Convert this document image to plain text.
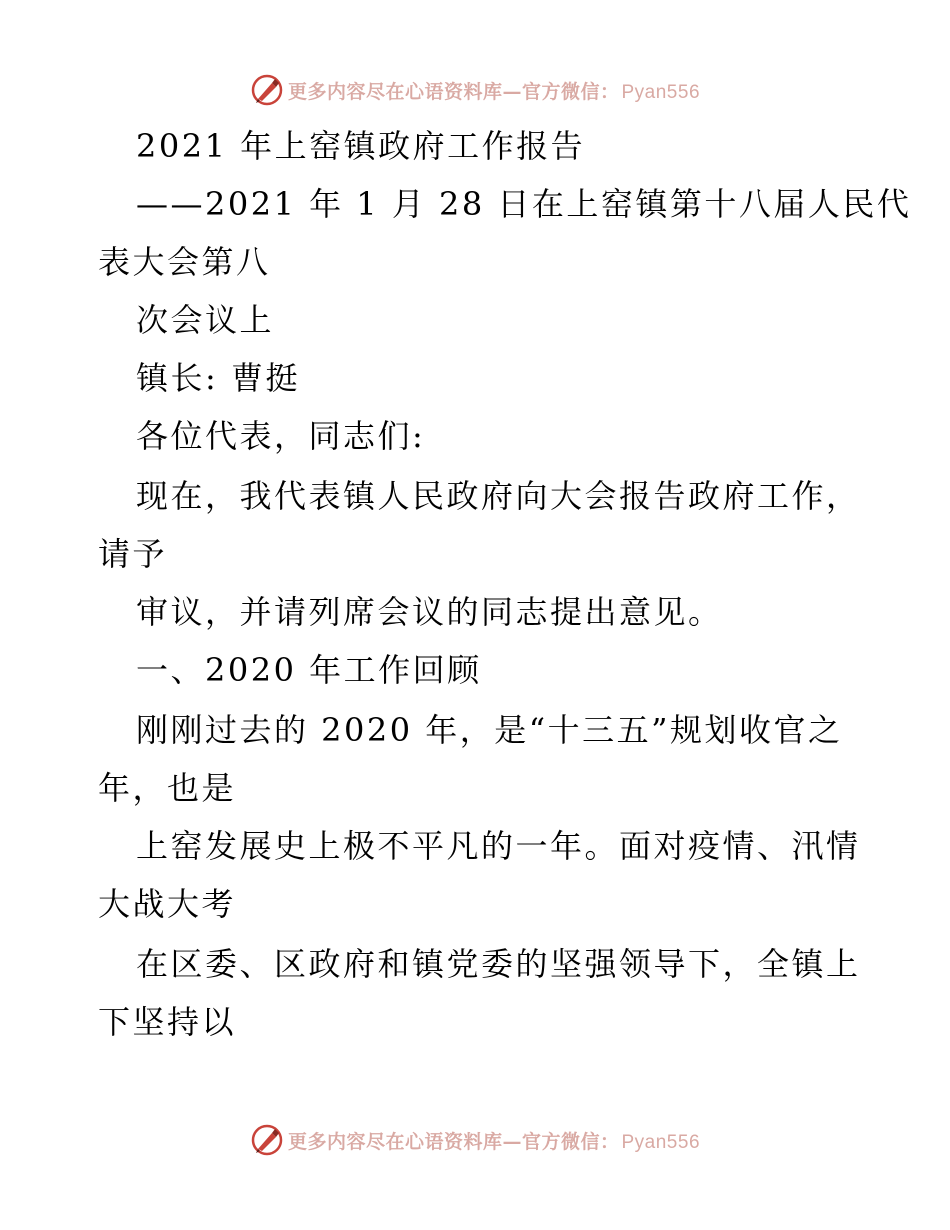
更多内容尽在心语资料库—官方微信： Pyan556
2021 年上窑镇政府工作报告
——2021 年 1 月 28 日在上窑镇第十八届人民代
表大会第八
次会议上
镇长: 曹挺
各位代表，同志们:
现在，我代表镇人民政府向大会报告政府工作，
请予
审议，并请列席会议的同志提出意见。
一、2020 年工作回顾
刚刚过去的 2020 年，是“十三五”规划收官之
年，也是
上窑发展史上极不平凡的一年。面对疫情、汛情
大战大考
在区委、区政府和镇党委的坚强领导下，全镇上
下坚持以
更多内容尽在心语资料库—官方微信： Pyan556
